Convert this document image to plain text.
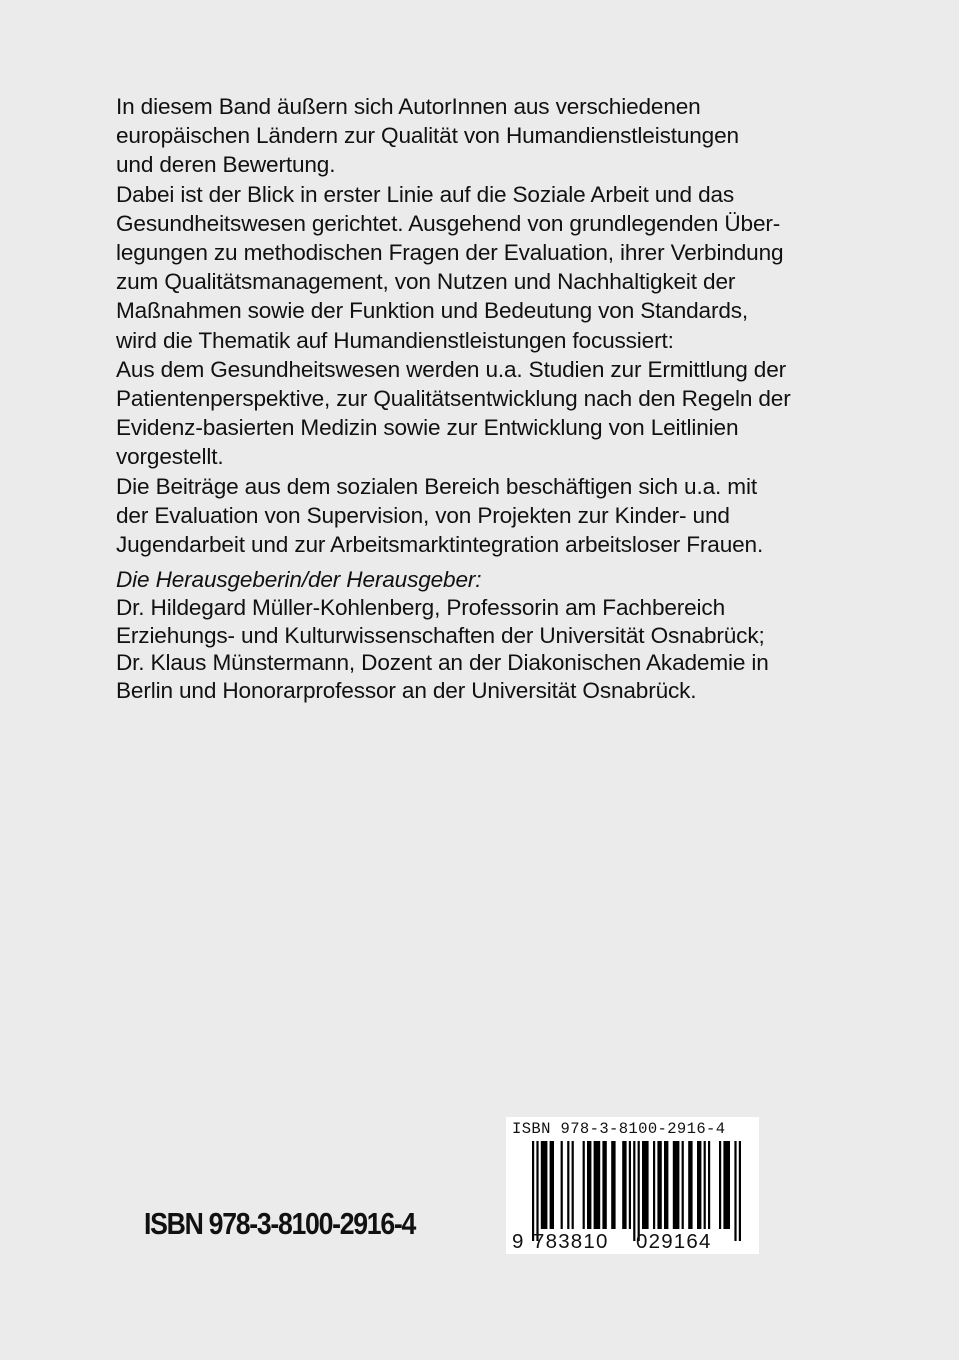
In diesem Band äußern sich AutorInnen aus verschiedenen
europäischen Ländern zur Qualität von Humandienstleistungen
und deren Bewertung.
Dabei ist der Blick in erster Linie auf die Soziale Arbeit und das
Gesundheitswesen gerichtet. Ausgehend von grundlegenden Über-
legungen zu methodischen Fragen der Evaluation, ihrer Verbindung
zum Qualitätsmanagement, von Nutzen und Nachhaltigkeit der
Maßnahmen sowie der Funktion und Bedeutung von Standards,
wird die Thematik auf Humandienstleistungen focussiert:
Aus dem Gesundheitswesen werden u.a. Studien zur Ermittlung der
Patientenperspektive, zur Qualitätsentwicklung nach den Regeln der
Evidenz-basierten Medizin sowie zur Entwicklung von Leitlinien
vorgestellt.
Die Beiträge aus dem sozialen Bereich beschäftigen sich u.a. mit
der Evaluation von Supervision, von Projekten zur Kinder- und
Jugendarbeit und zur Arbeitsmarktintegration arbeitsloser Frauen.
Die Herausgeberin/der Herausgeber:
Dr. Hildegard Müller-Kohlenberg, Professorin am Fachbereich
Erziehungs- und Kulturwissenschaften der Universität Osnabrück;
Dr. Klaus Münstermann, Dozent an der Diakonischen Akademie in
Berlin und Honorarprofessor an der Universität Osnabrück.
ISBN 978-3-8100-2916-4
ISBN 978-3-8100-2916-4
9 783810 029164
